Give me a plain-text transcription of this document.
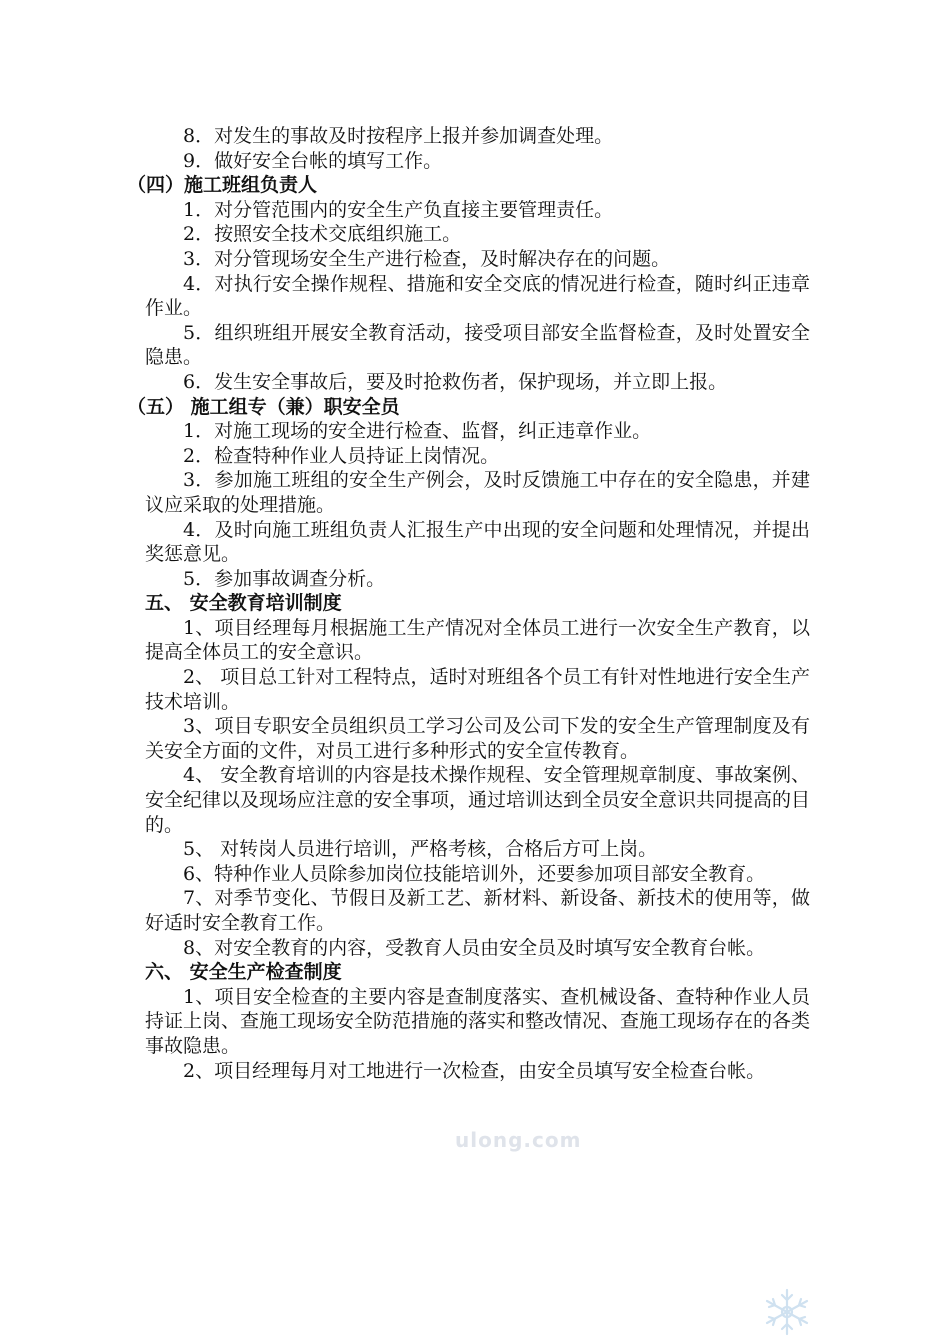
8．对发生的事故及时按程序上报并参加调查处理。

9．做好安全台帐的填写工作。

（四）施工班组负责人

1．对分管范围内的安全生产负直接主要管理责任。

2．按照安全技术交底组织施工。

3．对分管现场安全生产进行检查，及时解决存在的问题。

4．对执行安全操作规程、措施和安全交底的情况进行检查，随时纠正违章作业。

5．组织班组开展安全教育活动，接受项目部安全监督检查，及时处置安全隐患。

6．发生安全事故后，要及时抢救伤者，保护现场，并立即上报。

（五） 施工组专（兼）职安全员

1．对施工现场的安全进行检查、监督，纠正违章作业。

2．检查特种作业人员持证上岗情况。

3．参加施工班组的安全生产例会，及时反馈施工中存在的安全隐患，并建议应采取的处理措施。

4．及时向施工班组负责人汇报生产中出现的安全问题和处理情况，并提出奖惩意见。

5．参加事故调查分析。

五、 安全教育培训制度

1、项目经理每月根据施工生产情况对全体员工进行一次安全生产教育，以提高全体员工的安全意识。

2、 项目总工针对工程特点，适时对班组各个员工有针对性地进行安全生产技术培训。

3、项目专职安全员组织员工学习公司及公司下发的安全生产管理制度及有关安全方面的文件，对员工进行多种形式的安全宣传教育。

4、 安全教育培训的内容是技术操作规程、安全管理规章制度、事故案例、安全纪律以及现场应注意的安全事项，通过培训达到全员安全意识共同提高的目的。

5、 对转岗人员进行培训，严格考核，合格后方可上岗。

6、特种作业人员除参加岗位技能培训外，还要参加项目部安全教育。

7、对季节变化、节假日及新工艺、新材料、新设备、新技术的使用等，做好适时安全教育工作。

8、对安全教育的内容，受教育人员由安全员及时填写安全教育台帐。

六、 安全生产检查制度

1、项目安全检查的主要内容是查制度落实、查机械设备、查特种作业人员持证上岗、查施工现场安全防范措施的落实和整改情况、查施工现场存在的各类事故隐患。

2、项目经理每月对工地进行一次检查，由安全员填写安全检查台帐。

ulong.com
